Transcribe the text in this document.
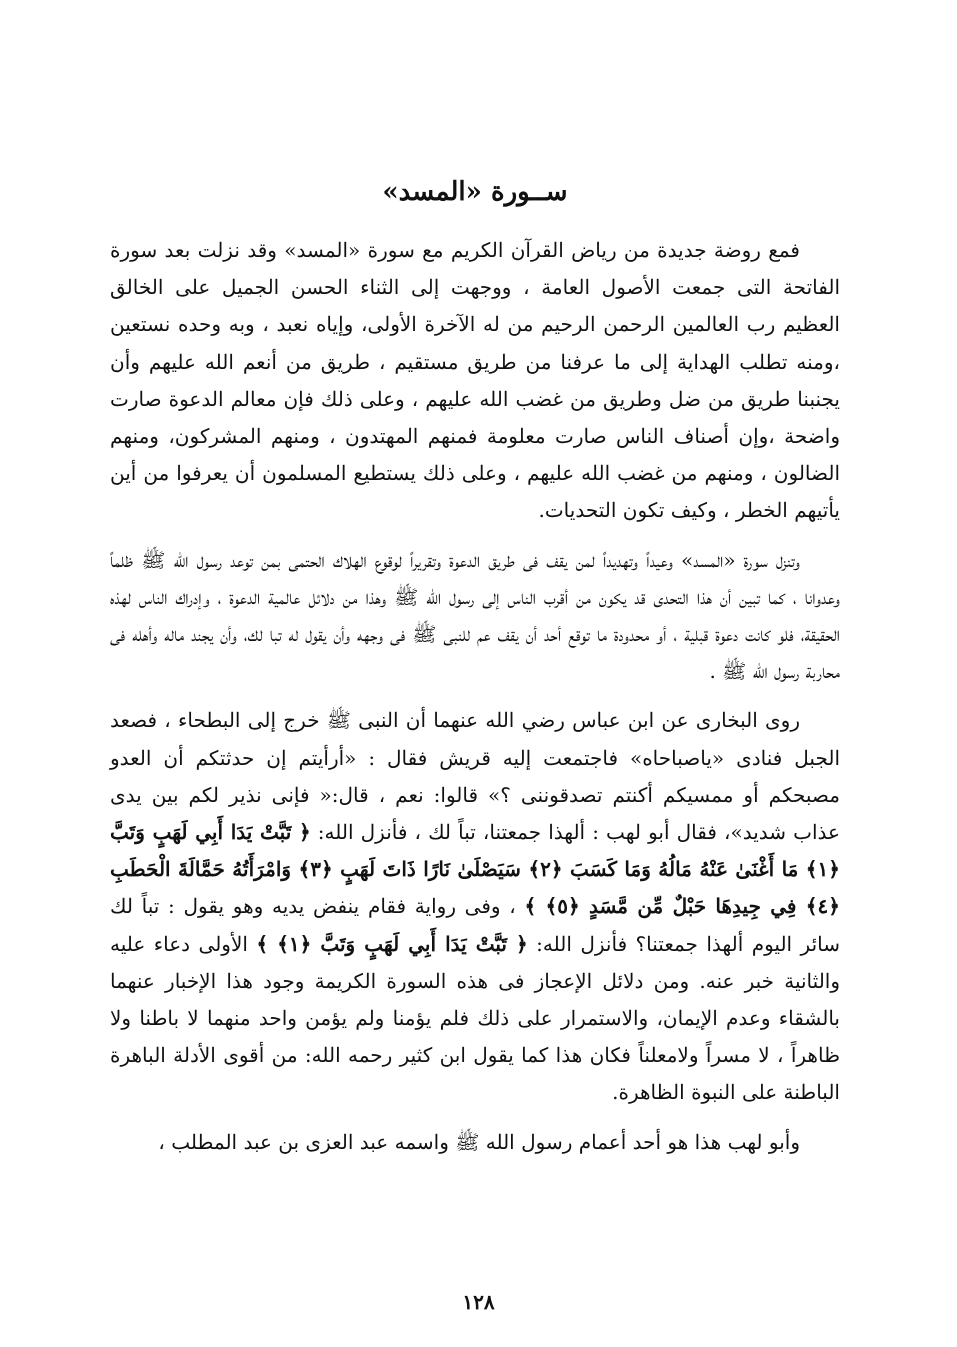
ســورة «المسد»

فمع روضة جديدة من رياض القرآن الكريم مع سورة «المسد» وقد نزلت بعد سورة الفاتحة التى جمعت الأصول العامة ، ووجهت إلى الثناء الحسن الجميل على الخالق العظيم رب العالمين الرحمن الرحيم من له الآخرة الأولى، وإياه نعبد ، وبه وحده نستعين ،ومنه تطلب الهداية إلى ما عرفنا من طريق مستقيم ، طريق من أنعم الله عليهم وأن يجنبنا طريق من ضل وطريق من غضب الله عليهم ، وعلى ذلك فإن معالم الدعوة صارت واضحة ،وإن أصناف الناس صارت معلومة فمنهم المهتدون ، ومنهم المشركون، ومنهم الضالون ، ومنهم من غضب الله عليهم ، وعلى ذلك يستطيع المسلمون أن يعرفوا من أين يأتيهم الخطر ، وكيف تكون التحديات.

وتنزل سورة «المسد» وعيداً وتهديداً لمن يقف فى طريق الدعوة وتقريراً لوقوع الهلاك الحتمى بمن توعد رسول الله ﷺ ظلماً وعدوانا ، كما تبين أن هذا التحدى قد يكون من أقرب الناس إلى رسول الله ﷺ وهذا من دلائل عالمية الدعوة ، وإدراك الناس لهذه الحقيقة، فلو كانت دعوة قبلية ، أو محدودة ما توقع أحد أن يقف عم للنبى ﷺ فى وجهه وأن يقول له تبا لك، وأن يجند ماله وأهله فى محاربة رسول الله ﷺ .

روى البخارى عن ابن عباس رضي الله عنهما أن النبى ﷺ خرج إلى البطحاء ، فصعد الجبل فنادى «ياصباحاه» فاجتمعت إليه قريش فقال : «أرأيتم إن حدثتكم أن العدو مصبحكم أو ممسيكم أكنتم تصدقوننى ؟» قالوا: نعم ، قال:« فإنى نذير لكم بين يدى عذاب شديد»، فقال أبو لهب : ألهذا جمعتنا، تباً لك ، فأنزل الله: ﴿ تَبَّتْ يَدَا أَبِي لَهَبٍ وَتَبَّ ﴿١﴾ مَا أَغْنَىٰ عَنْهُ مَالُهُ وَمَا كَسَبَ ﴿٢﴾ سَيَصْلَىٰ نَارًا ذَاتَ لَهَبٍ ﴿٣﴾ وَامْرَأَتُهُ حَمَّالَةَ الْحَطَبِ ﴿٤﴾ فِي جِيدِهَا حَبْلٌ مِّن مَّسَدٍ ﴿٥﴾ ﴾ ، وفى رواية فقام ينفض يديه وهو يقول : تباً لك سائر اليوم ألهذا جمعتنا؟ فأنزل الله: ﴿ تَبَّتْ يَدَا أَبِي لَهَبٍ وَتَبَّ ﴿١﴾ ﴾ الأولى دعاء عليه والثانية خبر عنه. ومن دلائل الإعجاز فى هذه السورة الكريمة وجود هذا الإخبار عنهما بالشقاء وعدم الإيمان، والاستمرار على ذلك فلم يؤمنا ولم يؤمن واحد منهما لا باطنا ولا ظاهراً ، لا مسراً ولامعلناً فكان هذا كما يقول ابن كثير رحمه الله: من أقوى الأدلة الباهرة الباطنة على النبوة الظاهرة.

وأبو لهب هذا هو أحد أعمام رسول الله ﷺ واسمه عبد العزى بن عبد المطلب ،

١٢٨
